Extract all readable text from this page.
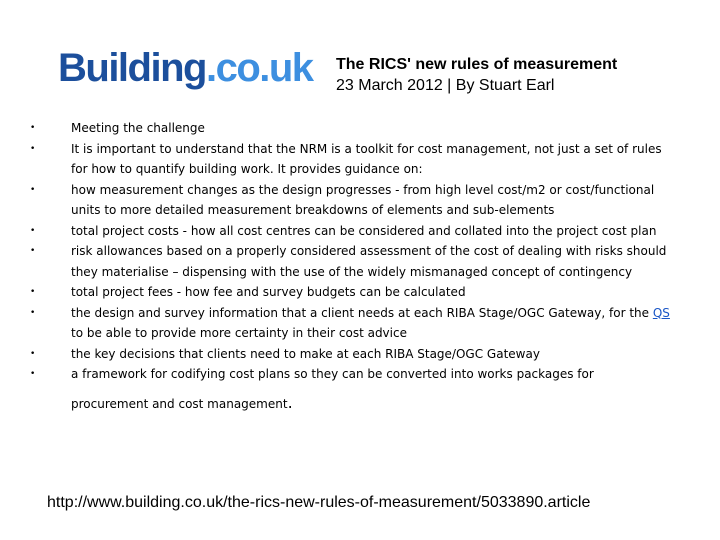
Building.co.uk The RICS' new rules of measurement
23 March 2012 | By Stuart Earl
•	Meeting the challenge
•	It is important to understand that the NRM is a toolkit for cost management, not just a set of rules for how to quantify building work. It provides guidance on:
•	how measurement changes as the design progresses - from high level cost/m2 or cost/functional units to more detailed measurement breakdowns of elements and sub-elements
•	total project costs - how all cost centres can be considered and collated into the project cost plan
•	risk allowances based on a properly considered assessment of the cost of dealing with risks should they materialise – dispensing with the use of the widely mismanaged concept of contingency
•	total project fees - how fee and survey budgets can be calculated
•	the design and survey information that a client needs at each RIBA Stage/OGC Gateway, for the QS to be able to provide more certainty in their cost advice
•	the key decisions that clients need to make at each RIBA Stage/OGC Gateway
•	a framework for codifying cost plans so they can be converted into works packages for
procurement and cost management.
http://www.building.co.uk/the-rics-new-rules-of-measurement/5033890.article
